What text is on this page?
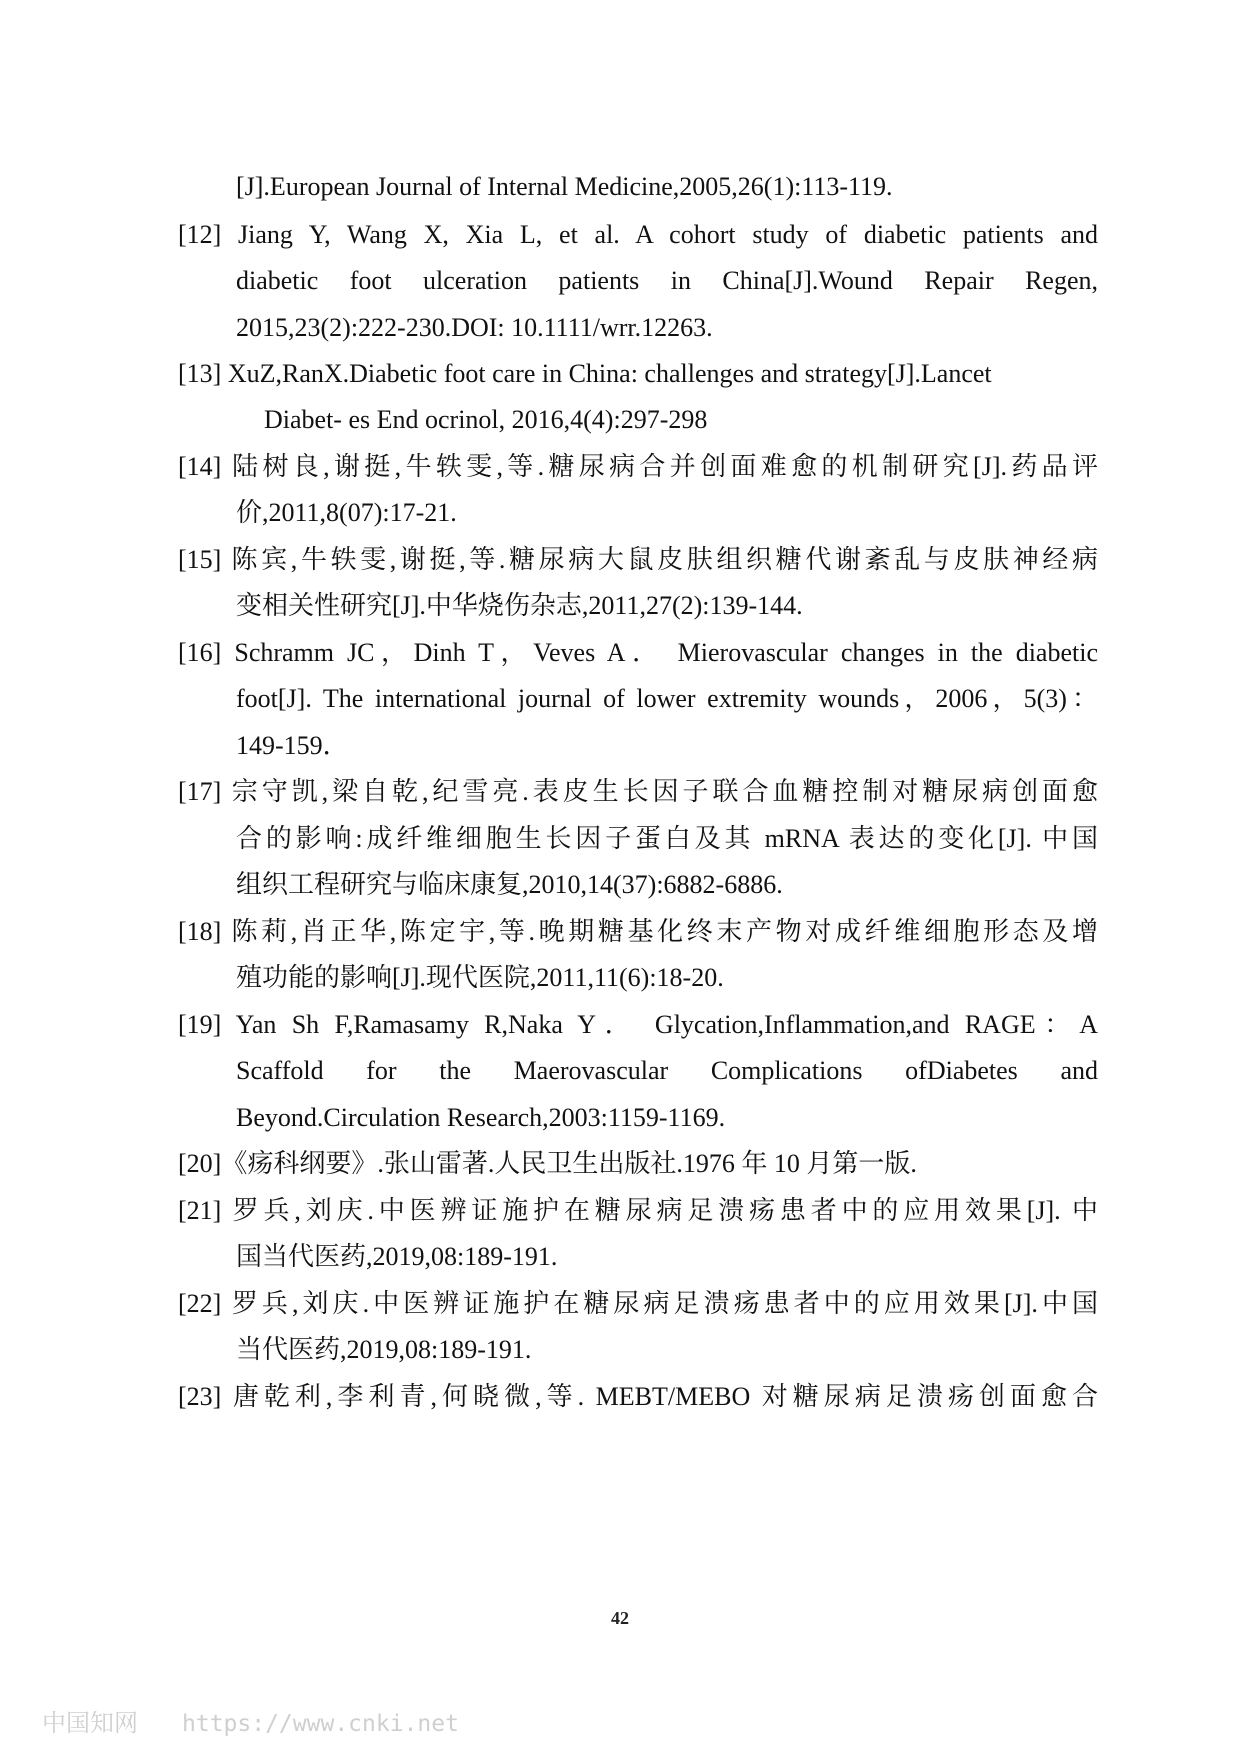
[J].European Journal of Internal Medicine,2005,26(1):113-119.
[12] Jiang Y, Wang X, Xia L, et al. A cohort study of diabetic patients and
diabetic foot ulceration patients in China[J].Wound Repair Regen,
2015,23(2):222-230.DOI: 10.1111/wrr.12263.
[13] XuZ,RanX.Diabetic foot care in China: challenges and strategy[J].Lancet
Diabet- es End ocrinol, 2016,4(4):297-298
[14] 陆树良,谢挺,牛轶雯,等.糖尿病合并创面难愈的机制研究[J].药品评
价,2011,8(07):17-21.
[15] 陈宾,牛轶雯,谢挺,等.糖尿病大鼠皮肤组织糖代谢紊乱与皮肤神经病
变相关性研究[J].中华烧伤杂志,2011,27(2):139-144.
[16] Schramm JC，Dinh T，Veves A． Mierovascular changes in the diabetic
foot[J]. The international journal of lower extremity wounds，2006，5(3)：
149-159．
[17] 宗守凯,梁自乾,纪雪亮.表皮生长因子联合血糖控制对糖尿病创面愈
合的影响:成纤维细胞生长因子蛋白及其 mRNA 表达的变化[J]. 中国
组织工程研究与临床康复,2010,14(37):6882-6886.
[18] 陈莉,肖正华,陈定宇,等.晚期糖基化终末产物对成纤维细胞形态及增
殖功能的影响[J].现代医院,2011,11(6):18-20.
[19] Yan Sh F,Ramasamy R,Naka Y． Glycation,Inflammation,and RAGE：A
Scaffold for the Maerovascular Complications ofDiabetes and
Beyond.Circulation Research,2003:1159-1169.
[20]《疡科纲要》.张山雷著.人民卫生出版社.1976 年 10 月第一版.
[21] 罗兵,刘庆.中医辨证施护在糖尿病足溃疡患者中的应用效果[J]. 中
国当代医药,2019,08:189-191.
[22] 罗兵,刘庆.中医辨证施护在糖尿病足溃疡患者中的应用效果[J].中国
当代医药,2019,08:189-191.
[23] 唐乾利,李利青,何晓微,等. MEBT/MEBO 对糖尿病足溃疡创面愈合
42
中国知网 https://www.cnki.net
